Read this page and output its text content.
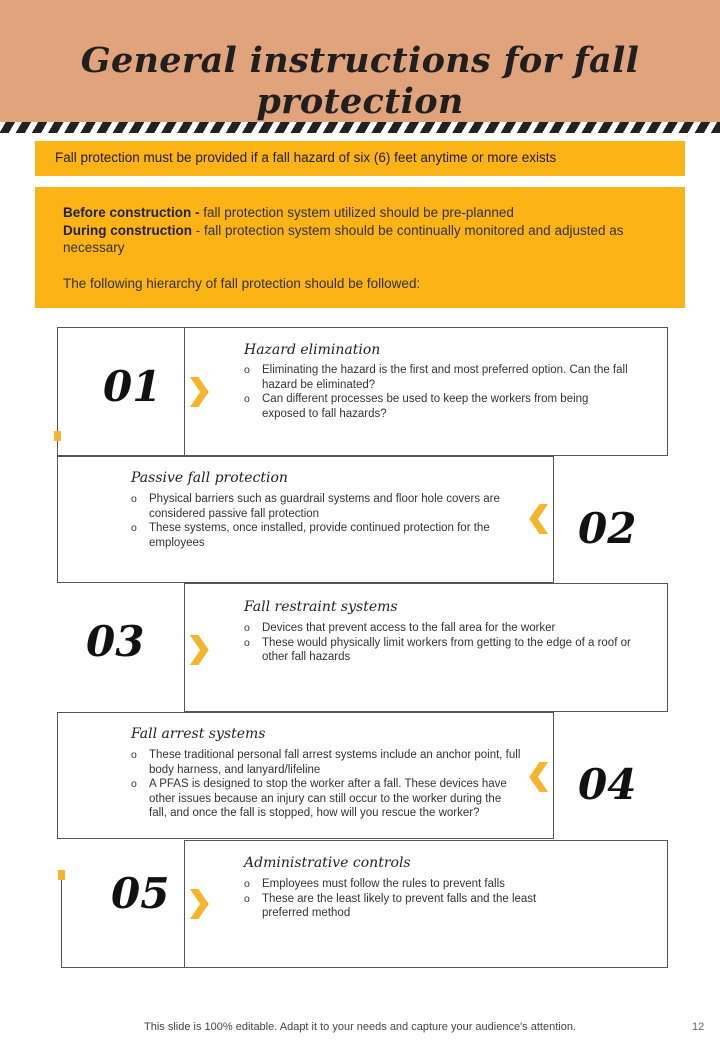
General instructions for fall protection
Fall protection must be provided if a fall hazard of six (6) feet anytime or more exists
Before construction - fall protection system utilized should be pre-planned
During construction - fall protection system should be continually monitored and adjusted as necessary
The following hierarchy of fall protection should be followed:
01
Hazard elimination
o Eliminating the hazard is the first and most preferred option. Can the fall hazard be eliminated?
o Can different processes be used to keep the workers from being exposed to fall hazards?
Passive fall protection
o Physical barriers such as guardrail systems and floor hole covers are considered passive fall protection
o These systems, once installed, provide continued protection for the employees	02
03
Fall restraint systems
o Devices that prevent access to the fall area for the worker
o These would physically limit workers from getting to the edge of a roof or other fall hazards
Fall arrest systems
o These traditional personal fall arrest systems include an anchor point, full body harness, and lanyard/lifeline
o A PFAS is designed to stop the worker after a fall. These devices have other issues because an injury can still occur to the worker during the fall, and once the fall is stopped, how will you rescue the worker?
04
05
Administrative controls
o Employees must follow the rules to prevent falls
o These are the least likely to prevent falls and the least preferred method
This slide is 100% editable. Adapt it to your needs and capture your audience's attention.	12
